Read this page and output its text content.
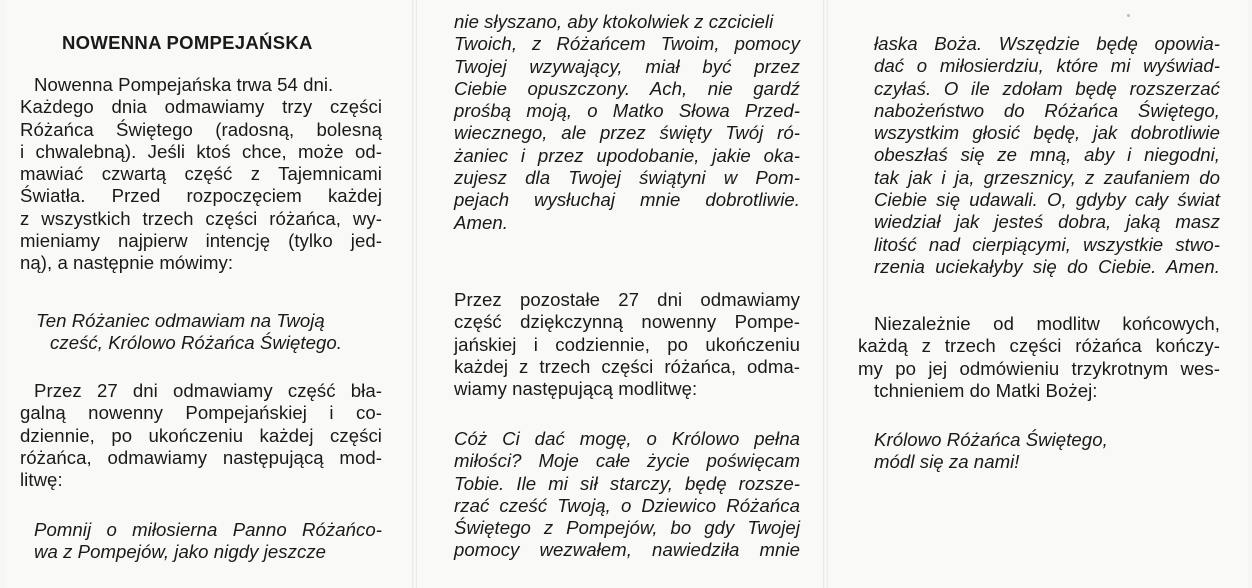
NOWENNA POMPEJAŃSKA
Nowenna Pompejańska trwa 54 dni.
Każdego dnia odmawiamy trzy części
Różańca Świętego (radosną, bolesną
i chwalebną). Jeśli ktoś chce, może od-
mawiać czwartą część z Tajemnicami
Światła. Przed rozpoczęciem każdej
z wszystkich trzech części różańca, wy-
mieniamy najpierw intencję (tylko jed-
ną), a następnie mówimy:
Ten Różaniec odmawiam na Twoją
cześć, Królowo Różańca Świętego.
Przez 27 dni odmawiamy część bła-
galną nowenny Pompejańskiej i co-
dziennie, po ukończeniu każdej części
różańca, odmawiamy następującą mod-
litwę:
Pomnij o miłosierna Panno Różańco-
wa z Pompejów, jako nigdy jeszcze
nie słyszano, aby ktokolwiek z czcicieli
Twoich, z Różańcem Twoim, pomocy
Twojej wzywający, miał być przez
Ciebie opuszczony. Ach, nie gardź
prośbą moją, o Matko Słowa Przed-
wiecznego, ale przez święty Twój ró-
żaniec i przez upodobanie, jakie oka-
zujesz dla Twojej świątyni w Pom-
pejach wysłuchaj mnie dobrotliwie.
Amen.
Przez pozostałe 27 dni odmawiamy
część dziękczynną nowenny Pompe-
jańskiej i codziennie, po ukończeniu
każdej z trzech części różańca, odma-
wiamy następującą modlitwę:
Cóż Ci dać mogę, o Królowo pełna
miłości? Moje całe życie poświęcam
Tobie. Ile mi sił starczy, będę rozsze-
rzać cześć Twoją, o Dziewico Różańca
Świętego z Pompejów, bo gdy Twojej
pomocy wezwałem, nawiedziła mnie
łaska Boża. Wszędzie będę opowia-
dać o miłosierdziu, które mi wyświad-
czyłaś. O ile zdołam będę rozszerzać
nabożeństwo do Różańca Świętego,
wszystkim głosić będę, jak dobrotliwie
obeszłaś się ze mną, aby i niegodni,
tak jak i ja, grzesznicy, z zaufaniem do
Ciebie się udawali. O, gdyby cały świat
wiedział jak jesteś dobra, jaką masz
litość nad cierpiącymi, wszystkie stwo-
rzenia uciekałyby się do Ciebie. Amen.
Niezależnie od modlitw końcowych,
każdą z trzech części różańca kończy-
my po jej odmówieniu trzykrotnym wes-
tchnieniem do Matki Bożej:
Królowo Różańca Świętego,
módl się za nami!
